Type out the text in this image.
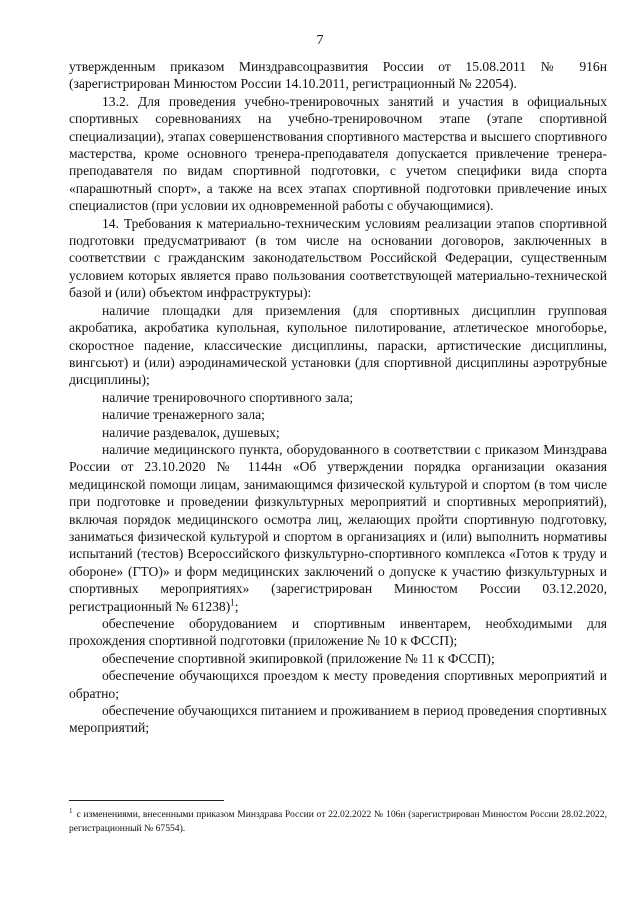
7

утвержденным приказом Минздравсоцразвития России от 15.08.2011 № 916н (зарегистрирован Минюстом России 14.10.2011, регистрационный № 22054).

13.2. Для проведения учебно-тренировочных занятий и участия в официальных спортивных соревнованиях на учебно-тренировочном этапе (этапе спортивной специализации), этапах совершенствования спортивного мастерства и высшего спортивного мастерства, кроме основного тренера-преподавателя допускается привлечение тренера-преподавателя по видам спортивной подготовки, с учетом специфики вида спорта «парашютный спорт», а также на всех этапах спортивной подготовки привлечение иных специалистов (при условии их одновременной работы с обучающимися).

14. Требования к материально-техническим условиям реализации этапов спортивной подготовки предусматривают (в том числе на основании договоров, заключенных в соответствии с гражданским законодательством Российской Федерации, существенным условием которых является право пользования соответствующей материально-технической базой и (или) объектом инфраструктуры):

наличие площадки для приземления (для спортивных дисциплин групповая акробатика, акробатика купольная, купольное пилотирование, атлетическое многоборье, скоростное падение, классические дисциплины, параски, артистические дисциплины, вингсьют) и (или) аэродинамической установки (для спортивной дисциплины аэротрубные дисциплины);

наличие тренировочного спортивного зала;

наличие тренажерного зала;

наличие раздевалок, душевых;

наличие медицинского пункта, оборудованного в соответствии с приказом Минздрава России от 23.10.2020 № 1144н «Об утверждении порядка организации оказания медицинской помощи лицам, занимающимся физической культурой и спортом (в том числе при подготовке и проведении физкультурных мероприятий и спортивных мероприятий), включая порядок медицинского осмотра лиц, желающих пройти спортивную подготовку, заниматься физической культурой и спортом в организациях и (или) выполнить нормативы испытаний (тестов) Всероссийского физкультурно-спортивного комплекса «Готов к труду и обороне» (ГТО)» и форм медицинских заключений о допуске к участию физкультурных и спортивных мероприятиях» (зарегистрирован Минюстом России 03.12.2020, регистрационный № 61238)$^1$;

обеспечение оборудованием и спортивным инвентарем, необходимыми для прохождения спортивной подготовки (приложение № 10 к ФССП);

обеспечение спортивной экипировкой (приложение № 11 к ФССП);

обеспечение обучающихся проездом к месту проведения спортивных мероприятий и обратно;

обеспечение обучающихся питанием и проживанием в период проведения спортивных мероприятий;

$^1$ с изменениями, внесенными приказом Минздрава России от 22.02.2022 № 106н (зарегистрирован Минюстом России 28.02.2022, регистрационный № 67554).
